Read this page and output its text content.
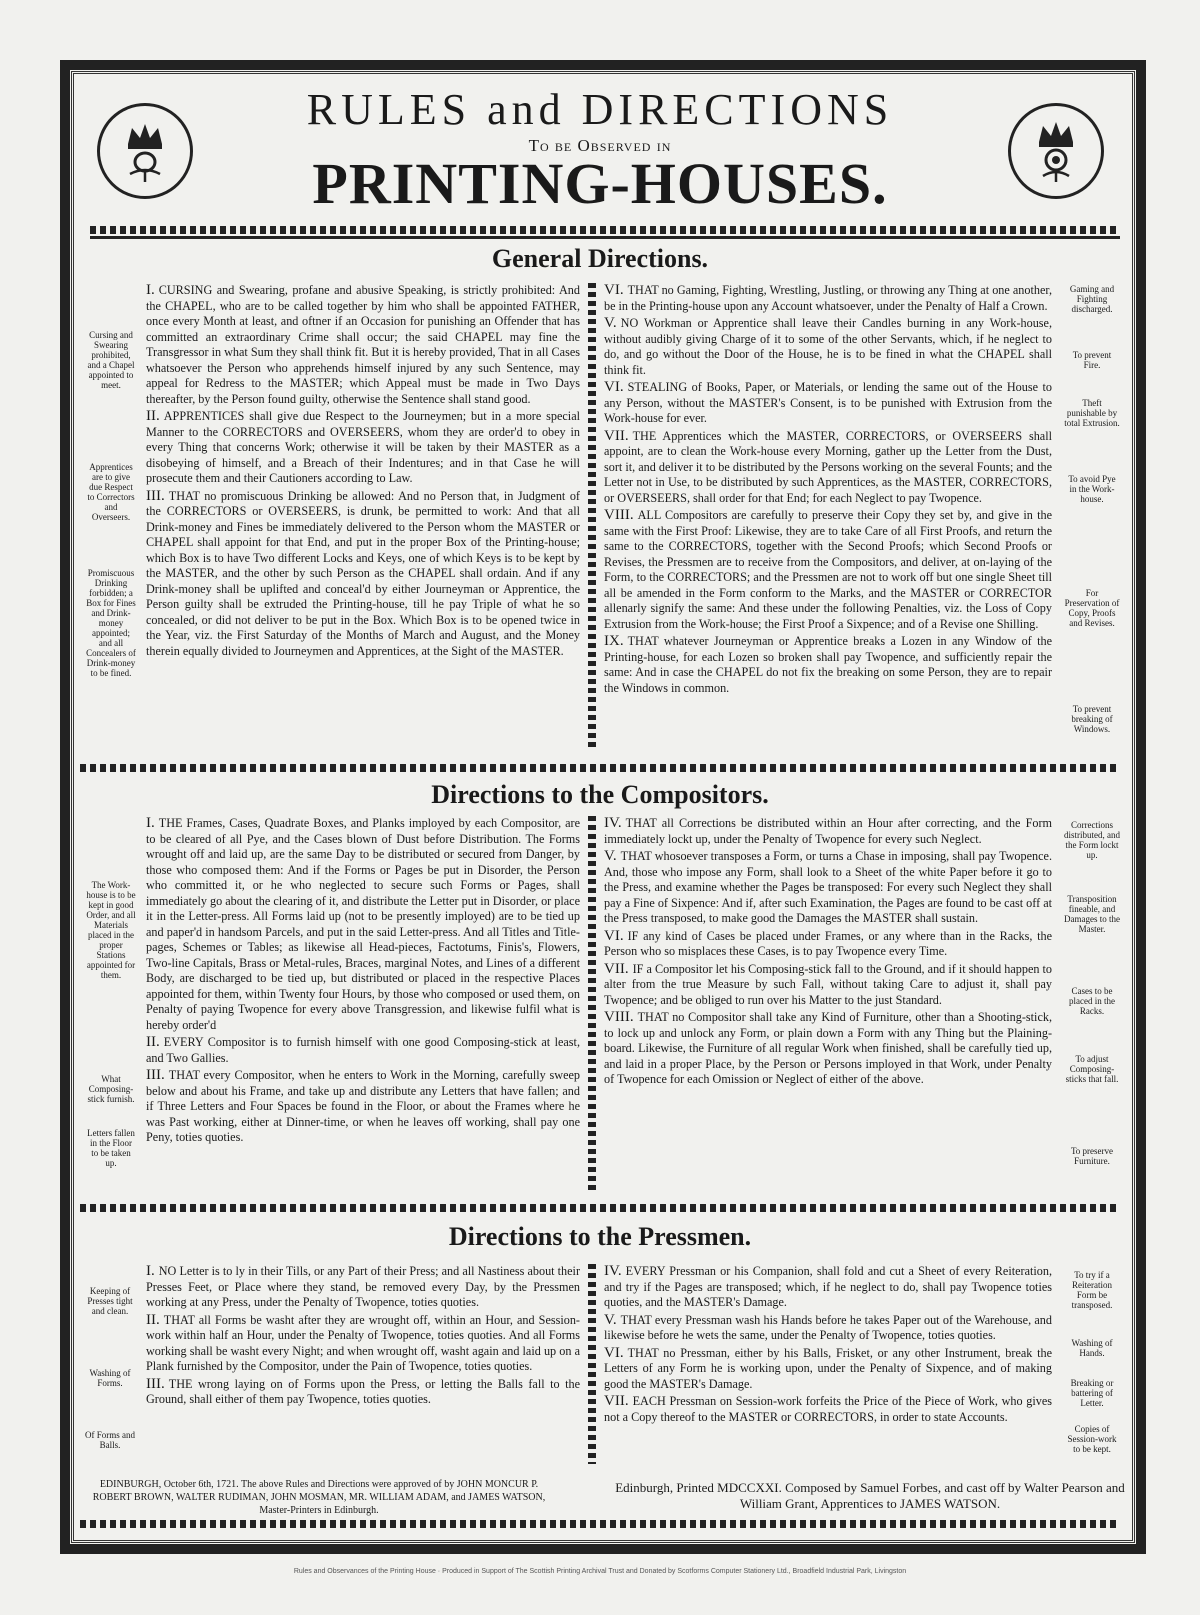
RULES and DIRECTIONS
To be Observed in
PRINTING-HOUSES.
General Directions.
Cursing and Swearing prohibited, and a Chapel appointed to meet.
Apprentices are to give due Respect to Correctors and Overseers.
Promiscuous Drinking forbidden; a Box for Fines and Drink-money appointed; and all Concealers of Drink-money to be fined.

I. CURSING and Swearing, profane and abusive Speaking, is strictly prohibited: And the CHAPEL, who are to be called together by him who shall be appointed FATHER, once every Month at least, and oftner if an Occasion for punishing an Offender that has committed an extraordinary Crime shall occur; the said CHAPEL may fine the Transgressor in what Sum they shall think fit. But it is hereby provided, That in all Cases whatsoever the Person who apprehends himself injured by any such Sentence, may appeal for Redress to the MASTER; which Appeal must be made in Two Days thereafter, by the Person found guilty, otherwise the Sentence shall stand good.

II. APPRENTICES shall give due Respect to the Journeymen; but in a more special Manner to the CORRECTORS and OVERSEERS, whom they are order'd to obey in every Thing that concerns Work; otherwise it will be taken by their MASTER as a disobeying of himself, and a Breach of their Indentures; and in that Case he will prosecute them and their Cautioners according to Law.

III. THAT no promiscuous Drinking be allowed: And no Person that, in Judgment of the CORRECTORS or OVERSEERS, is drunk, be permitted to work: And that all Drink-money and Fines be immediately delivered to the Person whom the MASTER or CHAPEL shall appoint for that End, and put in the proper Box of the Printing-house; which Box is to have Two different Locks and Keys, one of which Keys is to be kept by the MASTER, and the other by such Person as the CHAPEL shall ordain. And if any Drink-money shall be uplifted and conceal'd by either Journeyman or Apprentice, the Person guilty shall be extruded the Printing-house, till he pay Triple of what he so concealed, or did not deliver to be put in the Box. Which Box is to be opened twice in the Year, viz. the First Saturday of the Months of March and August, and the Money therein equally divided to Journeymen and Apprentices, at the Sight of the MASTER.

VI. THAT no Gaming, Fighting, Wrestling, Justling, or throwing any Thing at one another, be in the Printing-house upon any Account whatsoever, under the Penalty of Half a Crown.

V. NO Workman or Apprentice shall leave their Candles burning in any Work-house, without audibly giving Charge of it to some of the other Servants, which, if he neglect to do, and go without the Door of the House, he is to be fined in what the CHAPEL shall think fit.

VI. STEALING of Books, Paper, or Materials, or lending the same out of the House to any Person, without the MASTER's Consent, is to be punished with Extrusion from the Work-house for ever.

VII. THE Apprentices which the MASTER, CORRECTORS, or OVERSEERS shall appoint, are to clean the Work-house every Morning, gather up the Letter from the Dust, sort it, and deliver it to be distributed by the Persons working on the several Founts; and the Letter not in Use, to be distributed by such Apprentices, as the MASTER, CORRECTORS, or OVERSEERS, shall order for that End; for each Neglect to pay Twopence.

VIII. ALL Compositors are carefully to preserve their Copy they set by, and give in the same with the First Proof: Likewise, they are to take Care of all First Proofs, and return the same to the CORRECTORS, together with the Second Proofs; which Second Proofs or Revises, the Pressmen are to receive from the Compositors, and deliver, at on-laying of the Form, to the CORRECTORS; and the Pressmen are not to work off but one single Sheet till all be amended in the Form conform to the Marks, and the MASTER or CORRECTOR allenarly signify the same: And these under the following Penalties, viz. the Loss of Copy Extrusion from the Work-house; the First Proof a Sixpence; and of a Revise one Shilling.

IX. THAT whatever Journeyman or Apprentice breaks a Lozen in any Window of the Printing-house, for each Lozen so broken shall pay Twopence, and sufficiently repair the same: And in case the CHAPEL do not fix the breaking on some Person, they are to repair the Windows in common.

Gaming and Fighting discharged.
To prevent Fire.
Theft punishable by total Extrusion.
To avoid Pye in the Work-house.
For Preservation of Copy, Proofs and Revises.
To prevent breaking of Windows.
Directions to the Compositors.
The Work-house is to be kept in good Order, and all Materials placed in the proper Stations appointed for them.
What Composing-stick furnish.
Letters fallen in the Floor to be taken up.

I. THE Frames, Cases, Quadrate Boxes, and Planks imployed by each Compositor, are to be cleared of all Pye, and the Cases blown of Dust before Distribution. The Forms wrought off and laid up, are the same Day to be distributed or secured from Danger, by those who composed them: And if the Forms or Pages be put in Disorder, the Person who committed it, or he who neglected to secure such Forms or Pages, shall immediately go about the clearing of it, and distribute the Letter put in Disorder, or place it in the Letter-press. All Forms laid up (not to be presently imployed) are to be tied up and paper'd in handsom Parcels, and put in the said Letter-press. And all Titles and Title-pages, Schemes or Tables; as likewise all Head-pieces, Factotums, Finis's, Flowers, Two-line Capitals, Brass or Metal-rules, Braces, marginal Notes, and Lines of a different Body, are discharged to be tied up, but distributed or placed in the respective Places appointed for them, within Twenty four Hours, by those who composed or used them, on Penalty of paying Twopence for every above Transgression, and likewise fulfil what is hereby order'd

II. EVERY Compositor is to furnish himself with one good Composing-stick at least, and Two Gallies.

III. THAT every Compositor, when he enters to Work in the Morning, carefully sweep below and about his Frame, and take up and distribute any Letters that have fallen; and if Three Letters and Four Spaces be found in the Floor, or about the Frames where he was Past working, either at Dinner-time, or when he leaves off working, shall pay one Peny, toties quoties.

IV. THAT all Corrections be distributed within an Hour after correcting, and the Form immediately lockt up, under the Penalty of Twopence for every such Neglect.

V. THAT whosoever transposes a Form, or turns a Chase in imposing, shall pay Twopence. And, those who impose any Form, shall look to a Sheet of the white Paper before it go to the Press, and examine whether the Pages be transposed: For every such Neglect they shall pay a Fine of Sixpence: And if, after such Examination, the Pages are found to be cast off at the Press transposed, to make good the Damages the MASTER shall sustain.

VI. IF any kind of Cases be placed under Frames, or any where than in the Racks, the Person who so misplaces these Cases, is to pay Twopence every Time.

VII. IF a Compositor let his Composing-stick fall to the Ground, and if it should happen to alter from the true Measure by such Fall, without taking Care to adjust it, shall pay Twopence; and be obliged to run over his Matter to the just Standard.

VIII. THAT no Compositor shall take any Kind of Furniture, other than a Shooting-stick, to lock up and unlock any Form, or plain down a Form with any Thing but the Plaining-board. Likewise, the Furniture of all regular Work when finished, shall be carefully tied up, and laid in a proper Place, by the Person or Persons imployed in that Work, under Penalty of Twopence for each Omission or Neglect of either of the above.

Corrections distributed, and the Form lockt up.
Transposition fineable, and Damages to the Master.
Cases to be placed in the Racks.
To adjust Composing-sticks that fall.
To preserve Furniture.
Directions to the Pressmen.
Keeping of Presses tight and clean.
Washing of Forms.
Of Forms and Balls.

I. NO Letter is to ly in their Tills, or any Part of their Press; and all Nastiness about their Presses Feet, or Place where they stand, be removed every Day, by the Pressmen working at any Press, under the Penalty of Twopence, toties quoties.

II. THAT all Forms be washt after they are wrought off, within an Hour, and Session-work within half an Hour, under the Penalty of Twopence, toties quoties. And all Forms working shall be washt every Night; and when wrought off, washt again and laid up on a Plank furnished by the Compositor, under the Pain of Twopence, toties quoties.

III. THE wrong laying on of Forms upon the Press, or letting the Balls fall to the Ground, shall either of them pay Twopence, toties quoties.

IV. EVERY Pressman or his Companion, shall fold and cut a Sheet of every Reiteration, and try if the Pages are transposed; which, if he neglect to do, shall pay Twopence toties quoties, and the MASTER's Damage.

V. THAT every Pressman wash his Hands before he takes Paper out of the Warehouse, and likewise before he wets the same, under the Penalty of Twopence, toties quoties.

VI. THAT no Pressman, either by his Balls, Frisket, or any other Instrument, break the Letters of any Form he is working upon, under the Penalty of Sixpence, and of making good the MASTER's Damage.

VII. EACH Pressman on Session-work forfeits the Price of the Piece of Work, who gives not a Copy thereof to the MASTER or CORRECTORS, in order to state Accounts.

To try if a Reiteration Form be transposed.
Washing of Hands.
Breaking or battering of Letter.
Copies of Session-work to be kept.
EDINBURGH, October 6th, 1721. The above Rules and Directions were approved of by JOHN MONCUR P. ROBERT BROWN, WALTER RUDIMAN, JOHN MOSMAN, MR. WILLIAM ADAM, and JAMES WATSON, Master-Printers in Edinburgh.
Edinburgh, Printed MDCCXXI. Composed by Samuel Forbes, and cast off by Walter Pearson and William Grant, Apprentices to JAMES WATSON.
Rules and Observances of the Printing House · Produced in Support of The Scottish Printing Archival Trust and Donated by Scotforms Computer Stationery Ltd., Broadfield Industrial Park, Livingston
